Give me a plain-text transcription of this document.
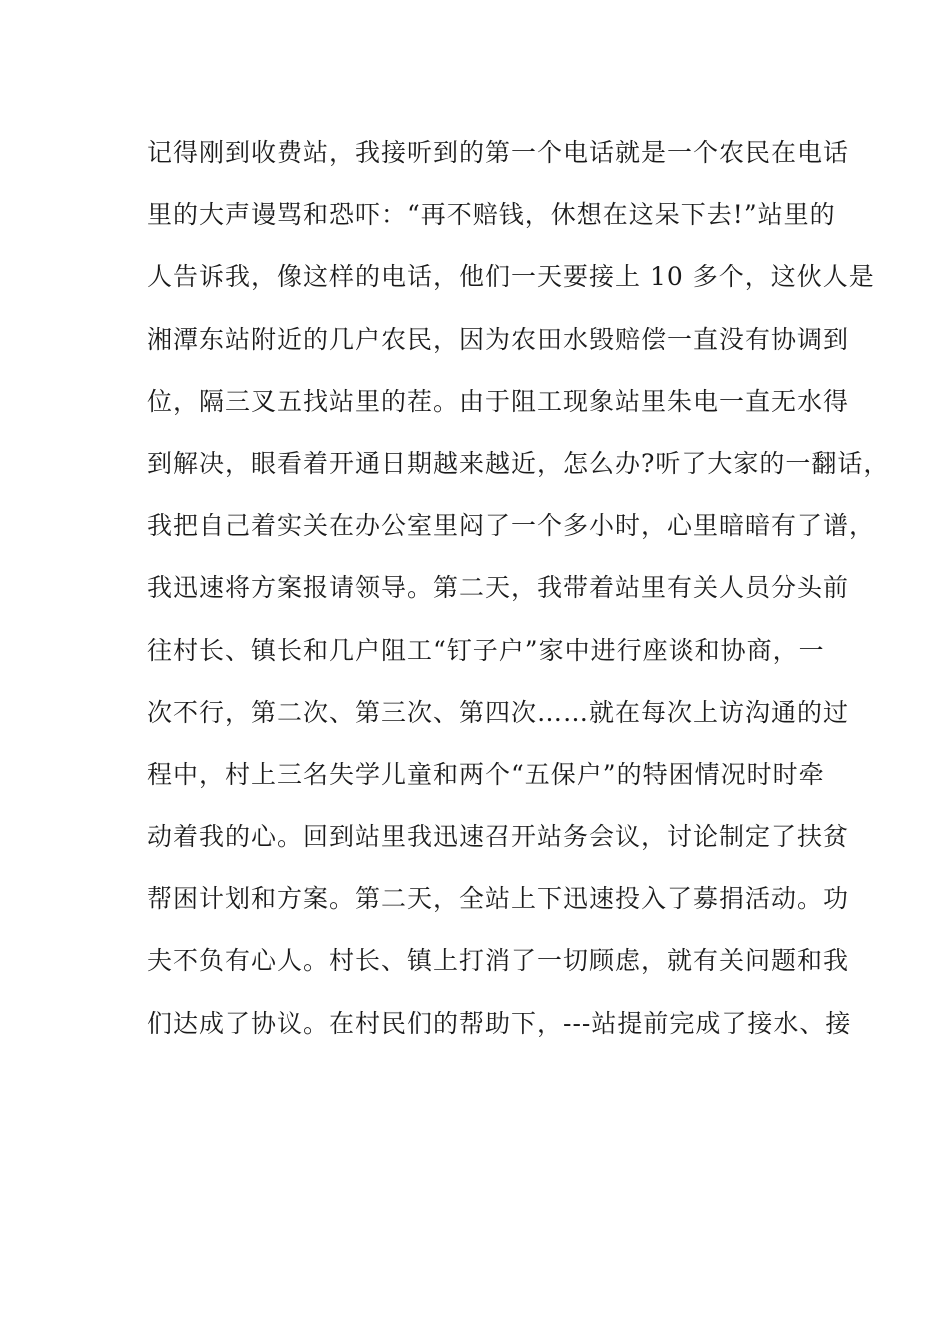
记得刚到收费站，我接听到的第一个电话就是一个农民在电话
里的大声谩骂和恐吓：“再不赔钱，休想在这呆下去!”站里的
人告诉我，像这样的电话，他们一天要接上 10 多个，这伙人是
湘潭东站附近的几户农民，因为农田水毁赔偿一直没有协调到
位，隔三叉五找站里的茬。由于阻工现象站里朱电一直无水得
到解决，眼看着开通日期越来越近，怎么办?听了大家的一翻话，
我把自己着实关在办公室里闷了一个多小时，心里暗暗有了谱，
我迅速将方案报请领导。第二天，我带着站里有关人员分头前
往村长、镇长和几户阻工“钉子户”家中进行座谈和协商，一
次不行，第二次、第三次、第四次……就在每次上访沟通的过
程中，村上三名失学儿童和两个“五保户”的特困情况时时牵
动着我的心。回到站里我迅速召开站务会议，讨论制定了扶贫
帮困计划和方案。第二天，全站上下迅速投入了募捐活动。功
夫不负有心人。村长、镇上打消了一切顾虑，就有关问题和我
们达成了协议。在村民们的帮助下，---站提前完成了接水、接
